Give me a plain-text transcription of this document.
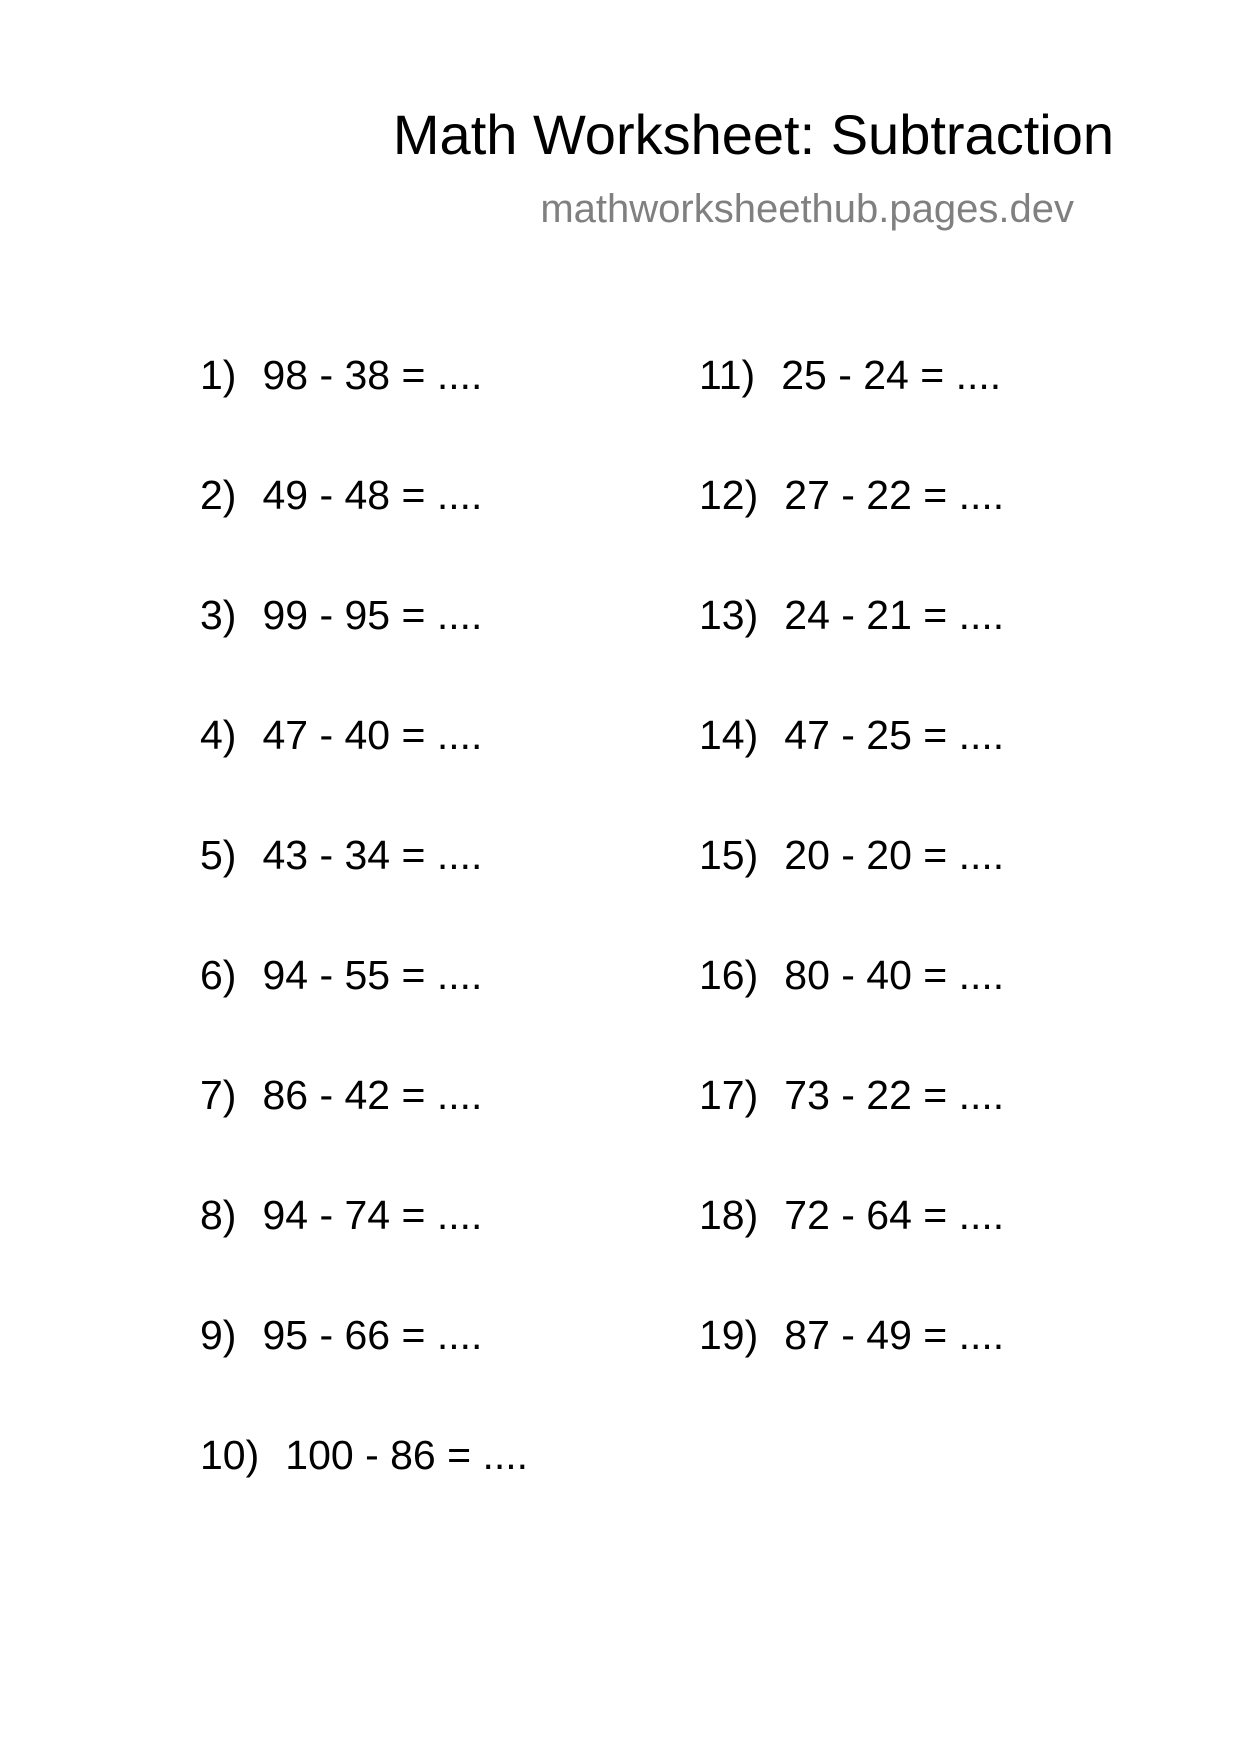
Math Worksheet: Subtraction
mathworksheethub.pages.dev
1) 98 - 38 = ....
2) 49 - 48 = ....
3) 99 - 95 = ....
4) 47 - 40 = ....
5) 43 - 34 = ....
6) 94 - 55 = ....
7) 86 - 42 = ....
8) 94 - 74 = ....
9) 95 - 66 = ....
10) 100 - 86 = ....
11) 25 - 24 = ....
12) 27 - 22 = ....
13) 24 - 21 = ....
14) 47 - 25 = ....
15) 20 - 20 = ....
16) 80 - 40 = ....
17) 73 - 22 = ....
18) 72 - 64 = ....
19) 87 - 49 = ....
